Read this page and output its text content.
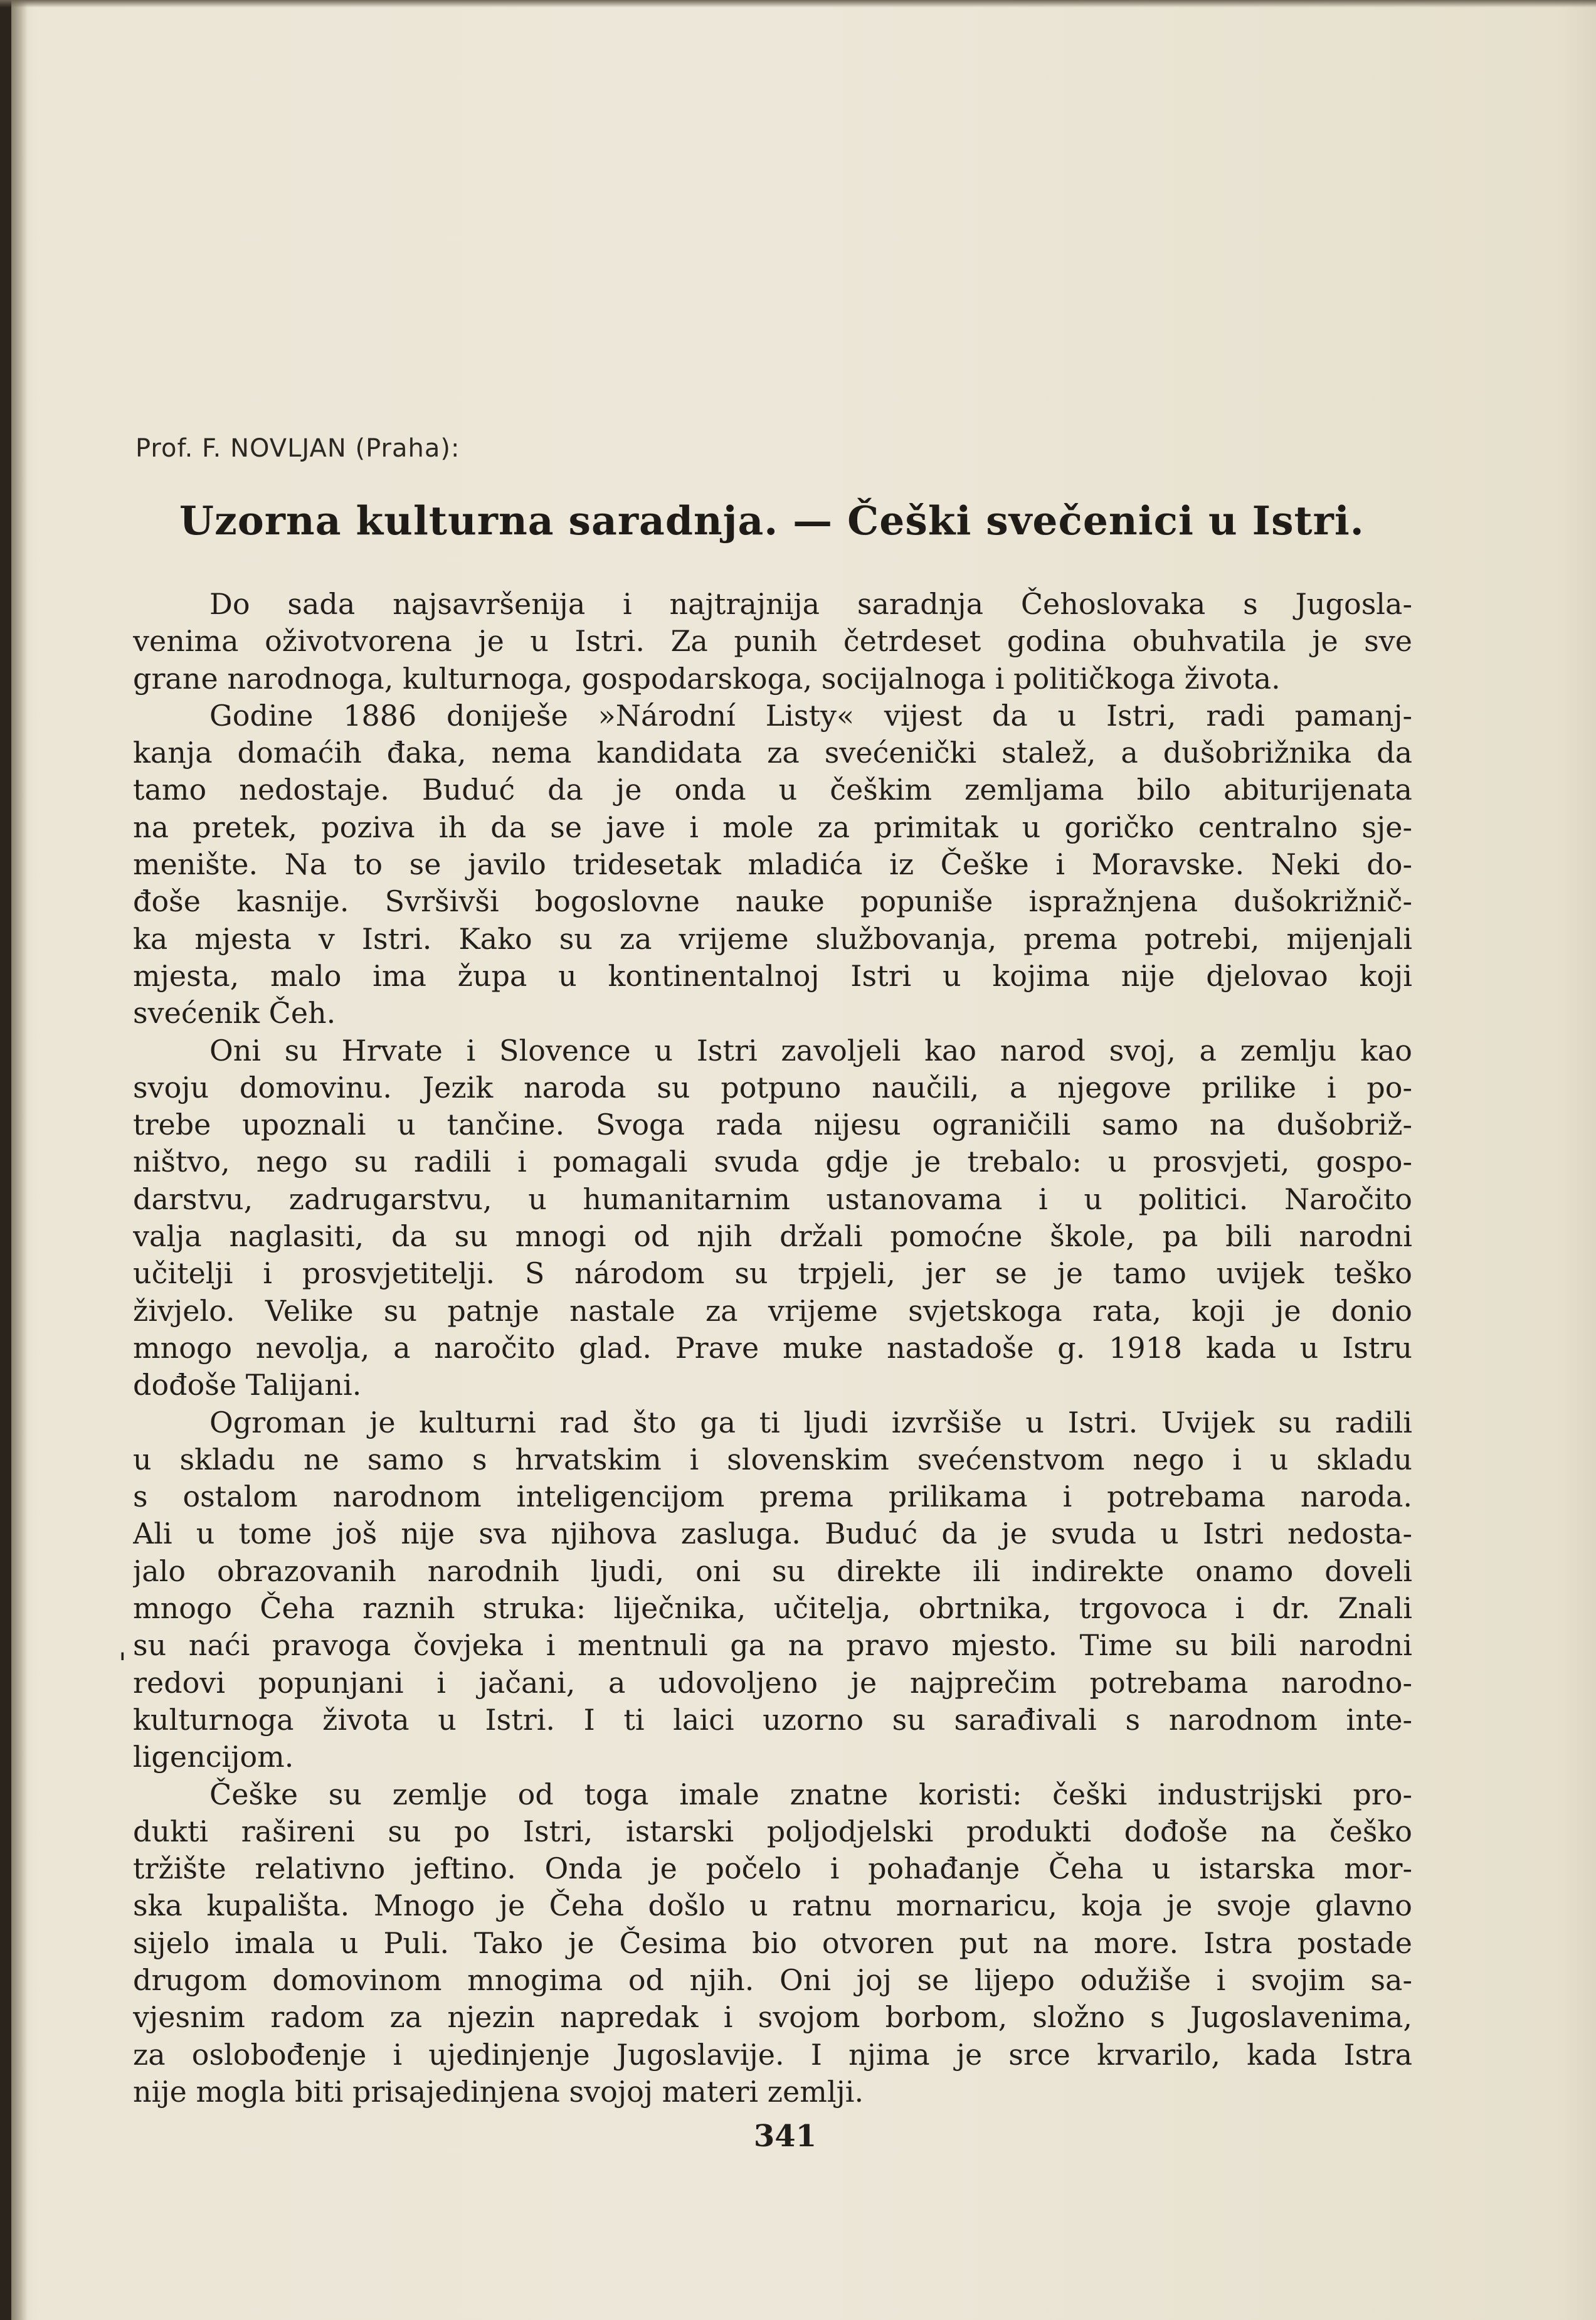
Prof. F. NOVLJAN (Praha):
Uzorna kulturna saradnja. — Češki svečenici u Istri.
Do sada najsavršenija i najtrajnija saradnja Čehoslovaka s Jugosla-
venima oživotvorena je u Istri. Za punih četrdeset godina obuhvatila je sve
grane narodnoga, kulturnoga, gospodarskoga, socijalnoga i političkoga života.
Godine 1886 doniješe »Národní Listy« vijest da u Istri, radi pamanj-
kanja domaćih đaka, nema kandidata za svećenički stalež, a dušobrižnika da
tamo nedostaje. Buduć da je onda u češkim zemljama bilo abiturijenata
na pretek, poziva ih da se jave i mole za primitak u goričko centralno sje-
menište. Na to se javilo tridesetak mladića iz Češke i Moravske. Neki do-
đoše kasnije. Svršivši bogoslovne nauke popuniše ispražnjena dušokrižnič-
ka mjesta v Istri. Kako su za vrijeme službovanja, prema potrebi, mijenjali
mjesta, malo ima župa u kontinentalnoj Istri u kojima nije djelovao koji
svećenik Čeh.
Oni su Hrvate i Slovence u Istri zavoljeli kao narod svoj, a zemlju kao
svoju domovinu. Jezik naroda su potpuno naučili, a njegove prilike i po-
trebe upoznali u tančine. Svoga rada nijesu ograničili samo na dušobriž-
ništvo, nego su radili i pomagali svuda gdje je trebalo: u prosvjeti, gospo-
darstvu, zadrugarstvu, u humanitarnim ustanovama i u politici. Naročito
valja naglasiti, da su mnogi od njih držali pomoćne škole, pa bili narodni
učitelji i prosvjetitelji. S národom su trpjeli, jer se je tamo uvijek teško
živjelo. Velike su patnje nastale za vrijeme svjetskoga rata, koji je donio
mnogo nevolja, a naročito glad. Prave muke nastadoše g. 1918 kada u Istru
dođoše Talijani.
Ogroman je kulturni rad što ga ti ljudi izvršiše u Istri. Uvijek su radili
u skladu ne samo s hrvatskim i slovenskim svećenstvom nego i u skladu
s ostalom narodnom inteligencijom prema prilikama i potrebama naroda.
Ali u tome još nije sva njihova zasluga. Buduć da je svuda u Istri nedosta-
jalo obrazovanih narodnih ljudi, oni su direkte ili indirekte onamo doveli
mnogo Čeha raznih struka: liječnika, učitelja, obrtnika, trgovoca i dr. Znali
su naći pravoga čovjeka i mentnuli ga na pravo mjesto. Time su bili narodni
redovi popunjani i jačani, a udovoljeno je najprečim potrebama narodno-
kulturnoga života u Istri. I ti laici uzorno su sarađivali s narodnom inte-
ligencijom.
Češke su zemlje od toga imale znatne koristi: češki industrijski pro-
dukti rašireni su po Istri, istarski poljodjelski produkti dođoše na češko
tržište relativno jeftino. Onda je počelo i pohađanje Čeha u istarska mor-
ska kupališta. Mnogo je Čeha došlo u ratnu mornaricu, koja je svoje glavno
sijelo imala u Puli. Tako je Česima bio otvoren put na more. Istra postade
drugom domovinom mnogima od njih. Oni joj se lijepo odužiše i svojim sa-
vjesnim radom za njezin napredak i svojom borbom, složno s Jugoslavenima,
za oslobođenje i ujedinjenje Jugoslavije. I njima je srce krvarilo, kada Istra
nije mogla biti prisajedinjena svojoj materi zemlji.
'
341
